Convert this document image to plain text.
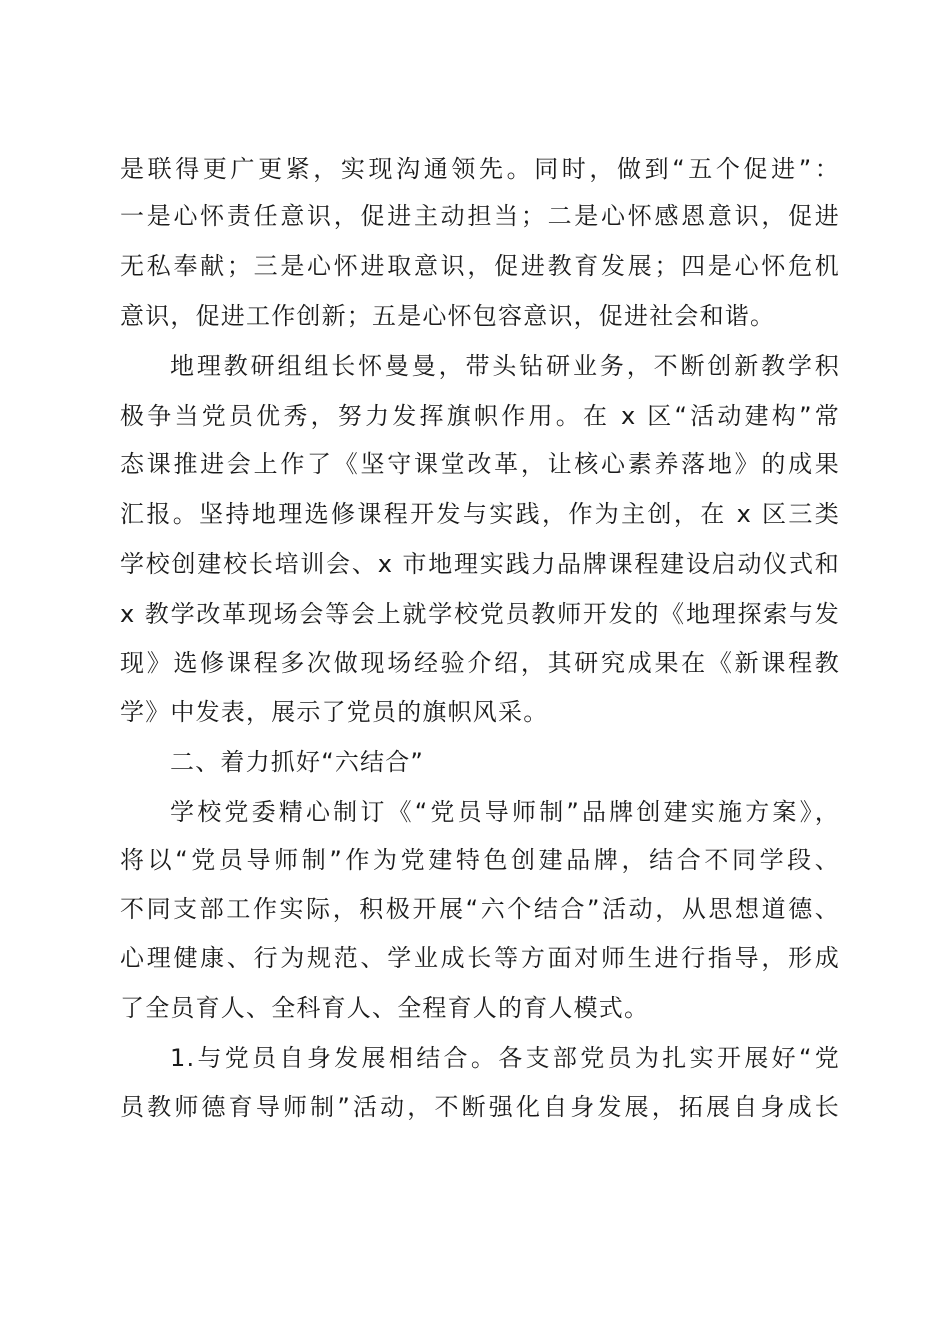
是联得更广更紧，实现沟通领先。同时，做到“五个促进”：
一是心怀责任意识，促进主动担当；二是心怀感恩意识，促进
无私奉献；三是心怀进取意识，促进教育发展；四是心怀危机
意识，促进工作创新；五是心怀包容意识，促进社会和谐。
地理教研组组长怀曼曼，带头钻研业务，不断创新教学积
极争当党员优秀，努力发挥旗帜作用。在 x 区“活动建构”常
态课推进会上作了《坚守课堂改革，让核心素养落地》的成果
汇报。坚持地理选修课程开发与实践，作为主创，在 x 区三类
学校创建校长培训会、x 市地理实践力品牌课程建设启动仪式和
x 教学改革现场会等会上就学校党员教师开发的《地理探索与发
现》选修课程多次做现场经验介绍，其研究成果在《新课程教
学》中发表，展示了党员的旗帜风采。
二、着力抓好“六结合”
学校党委精心制订《“党员导师制”品牌创建实施方案》，
将以“党员导师制”作为党建特色创建品牌，结合不同学段、
不同支部工作实际，积极开展“六个结合”活动，从思想道德、
心理健康、行为规范、学业成长等方面对师生进行指导，形成
了全员育人、全科育人、全程育人的育人模式。
1.与党员自身发展相结合。各支部党员为扎实开展好“党
员教师德育导师制”活动，不断强化自身发展，拓展自身成长
